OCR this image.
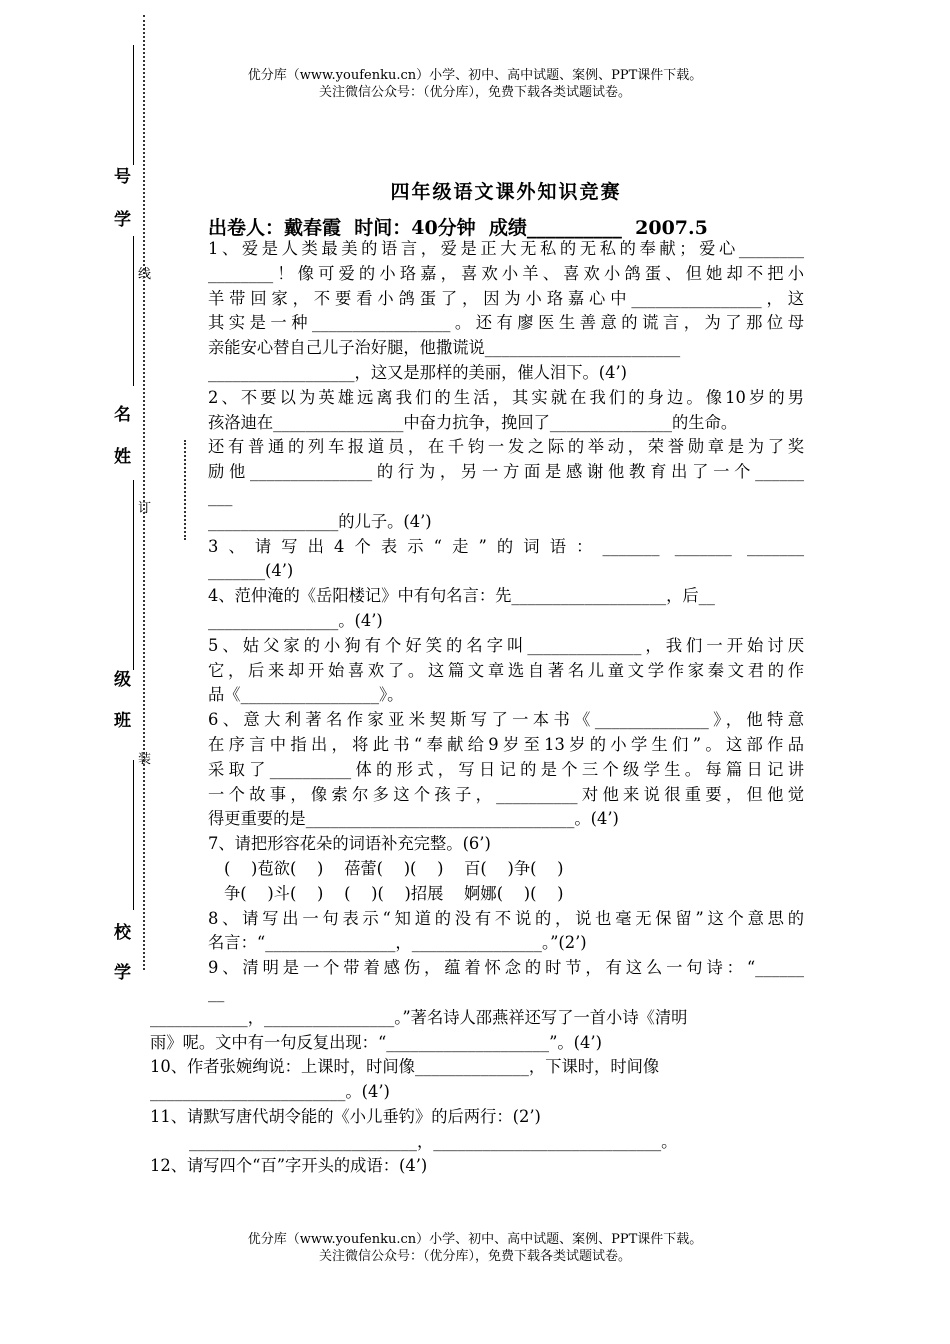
优分库（www.youfenku.cn）小学、初中、高中试题、案例、PPT课件下载。
关注微信公众号：（优分库），免费下载各类试题试卷。
号
学
名
姓
级
班
校
学
线
订
装
四年级语文课外知识竞赛
出卷人：戴春霞  时间：40分钟  成绩__________  2007.5

1、爱是人类最美的语言，爱是正大无私的无私的奉献；爱心________

________！像可爱的小珞嘉，喜欢小羊、喜欢小鸽蛋、但她却不把小

羊带回家，不要看小鸽蛋了，因为小珞嘉心中________________，这

其实是一种_________________。还有廖医生善意的谎言，为了那位母

亲能安心替自己儿子治好腿，他撒谎说________________________

__________________，这又是那样的美丽，催人泪下。(4’)

2、不要以为英雄远离我们的生活，其实就在我们的身边。像10岁的男

孩洛迪在________________中奋力抗争，挽回了_______________的生命。

还有普通的列车报道员，在千钧一发之际的举动，荣誉勋章是为了奖

励他_______________的行为，另一方面是感谢他教育出了一个______

___

________________的儿子。(4’)

3、请写出4个表示“走”的词语：_______ _______ _______

_______(4’)

4、范仲淹的《岳阳楼记》中有句名言：先___________________，后__

________________。(4’)

5、姑父家的小狗有个好笑的名字叫______________，我们一开始讨厌

它，后来却开始喜欢了。这篇文章选自著名儿童文学作家秦文君的作

品《_________________》。

6、意大利著名作家亚米契斯写了一本书《______________》，他特意

在序言中指出，将此书“奉献给9岁至13岁的小学生们”。这部作品

采取了__________体的形式，写日记的是个三个级学生。每篇日记讲

一个故事，像索尔多这个孩子，__________对他来说很重要，但他觉

得更重要的是_________________________________。(4’)

7、请把形容花朵的词语补充完整。(6’)

(    )苞欲(    )    蓓蕾(    )(    )    百(    )争(    )

争(    )斗(    )    (    )(    )招展    婀娜(    )(    )

8、请写出一句表示“知道的没有不说的，说也毫无保留”这个意思的

名言：“________________，________________。”(2’)

9、清明是一个带着感伤，蕴着怀念的时节，有这么一句诗：“______

__

____________，________________。”著名诗人邵燕祥还写了一首小诗《清明

雨》呢。文中有一句反复出现：“____________________”。(4’)

10、作者张婉绚说：上课时，时间像______________，下课时，时间像

________________________。(4’)

11、请默写唐代胡令能的《小儿垂钓》的后两行：(2’)

____________________________，____________________________。

12、请写四个“百”字开头的成语：(4’)

优分库（www.youfenku.cn）小学、初中、高中试题、案例、PPT课件下载。
关注微信公众号：（优分库），免费下载各类试题试卷。
